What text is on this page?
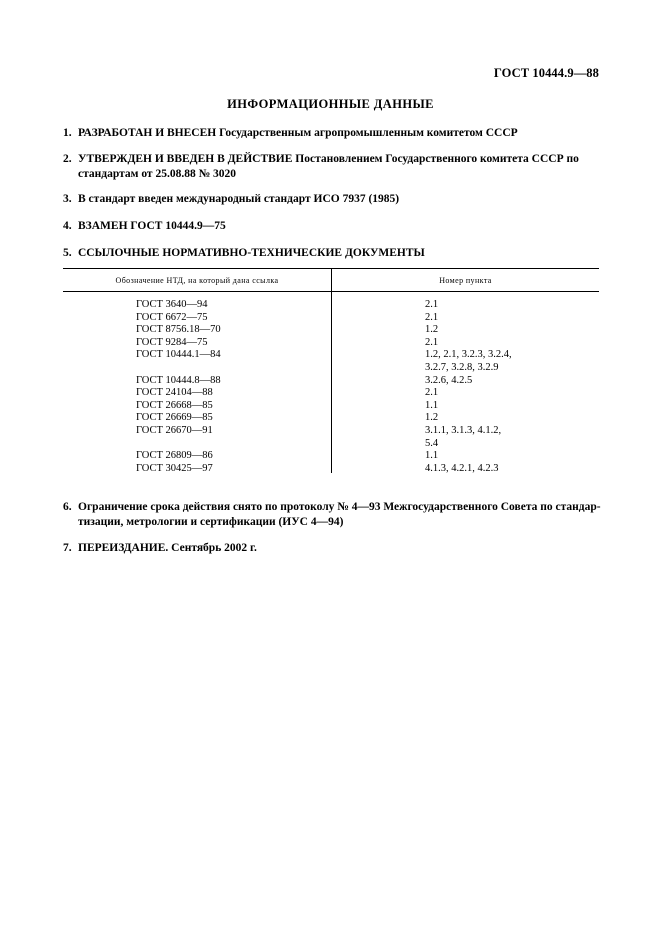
ГОСТ 10444.9—88
ИНФОРМАЦИОННЫЕ ДАННЫЕ
1. РАЗРАБОТАН И ВНЕСЕН Государственным агропромышленным комитетом СССР
2. УТВЕРЖДЕН И ВВЕДЕН В ДЕЙСТВИЕ Постановлением Государственного комитета СССР по
стандартам от 25.08.88 № 3020
3. В стандарт введен международный стандарт ИСО 7937 (1985)
4. ВЗАМЕН ГОСТ 10444.9—75
5. ССЫЛОЧНЫЕ НОРМАТИВНО-ТЕХНИЧЕСКИЕ ДОКУМЕНТЫ
Обозначение НТД, на который дана ссылка	Номер пункта
ГОСТ 3640—94	2.1
ГОСТ 6672—75	2.1
ГОСТ 8756.18—70	1.2
ГОСТ 9284—75	2.1
ГОСТ 10444.1—84	1.2, 2.1, 3.2.3, 3.2.4,
3.2.7, 3.2.8, 3.2.9
ГОСТ 10444.8—88	3.2.6, 4.2.5
ГОСТ 24104—88	2.1
ГОСТ 26668—85	1.1
ГОСТ 26669—85	1.2
ГОСТ 26670—91	3.1.1, 3.1.3, 4.1.2,
5.4
ГОСТ 26809—86	1.1
ГОСТ 30425—97	4.1.3, 4.2.1, 4.2.3
6. Ограничение срока действия снято по протоколу № 4—93 Межгосударственного Совета по стандар-
тизации, метрологии и сертификации (ИУС 4—94)
7. ПЕРЕИЗДАНИЕ. Сентябрь 2002 г.
